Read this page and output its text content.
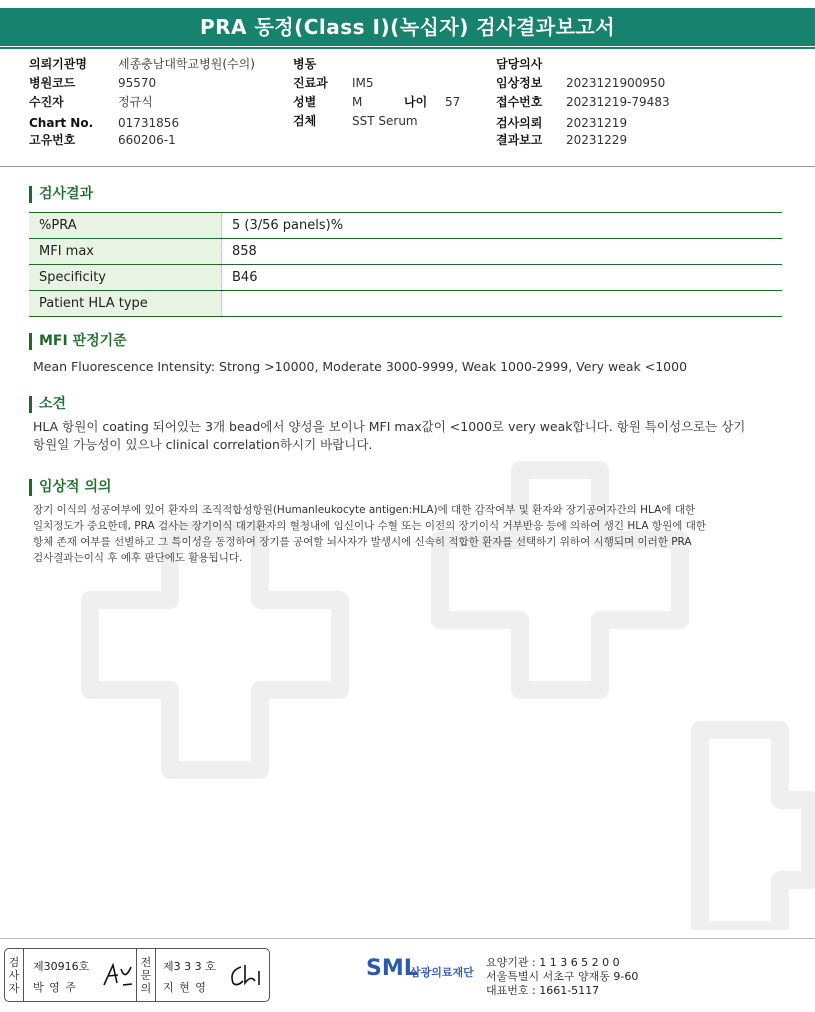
PRA 동정(Class I)(녹십자) 검사결과보고서
의뢰기관명	세종충남대학교병원(수의)
병원코드	95570
수진자	정규식
Chart No. 01731856
고유번호	660206-1
병동
진료과 IM5
성별	M	나이 57
검체	SST Serum
담당의사
임상정보 2023121900950
접수번호 20231219-79483
검사의뢰 20231219
결과보고 20231229
검사결과
%PRA	5 (3/56 panels)%
MFI max	858
Specificity	B46
Patient HLA type	
MFI 판정기준
Mean Fluorescence Intensity: Strong >10000, Moderate 3000-9999, Weak 1000-2999, Very weak <1000
소견
HLA 항원이 coating 되어있는 3개 bead에서 양성을 보이나 MFI max값이 <1000로 very weak합니다. 항원 특이성으로는 상기
항원일 가능성이 있으나 clinical correlation하시기 바랍니다.
임상적 의의
장기 이식의 성공여부에 있어 환자의 조직적합성항원(Humanleukocyte antigen:HLA)에 대한 감작여부 및 환자와 장기공여자간의 HLA에 대한
일치정도가 중요한데, PRA 검사는 장기이식 대기환자의 혈청내에 임신이나 수혈 또는 이전의 장기이식 거부반응 등에 의하여 생긴 HLA 항원에 대한
항체 존재 여부를 선별하고 그 특이성을 동정하여 장기를 공여할 뇌사자가 발생시에 신속히 적합한 환자를 선택하기 위하여 시행되며 이러한 PRA
검사결과는이식 후 예후 판단에도 활용됩니다.
검
사
자
제30916호
박 영 주
전
문
의
제3 3 3 호
지 현 영
SML
삼광의료재단
요양기관 : 1 1 3 6 5 2 0 0
서울특별시 서초구 양재동 9-60
대표번호 : 1661-5117
